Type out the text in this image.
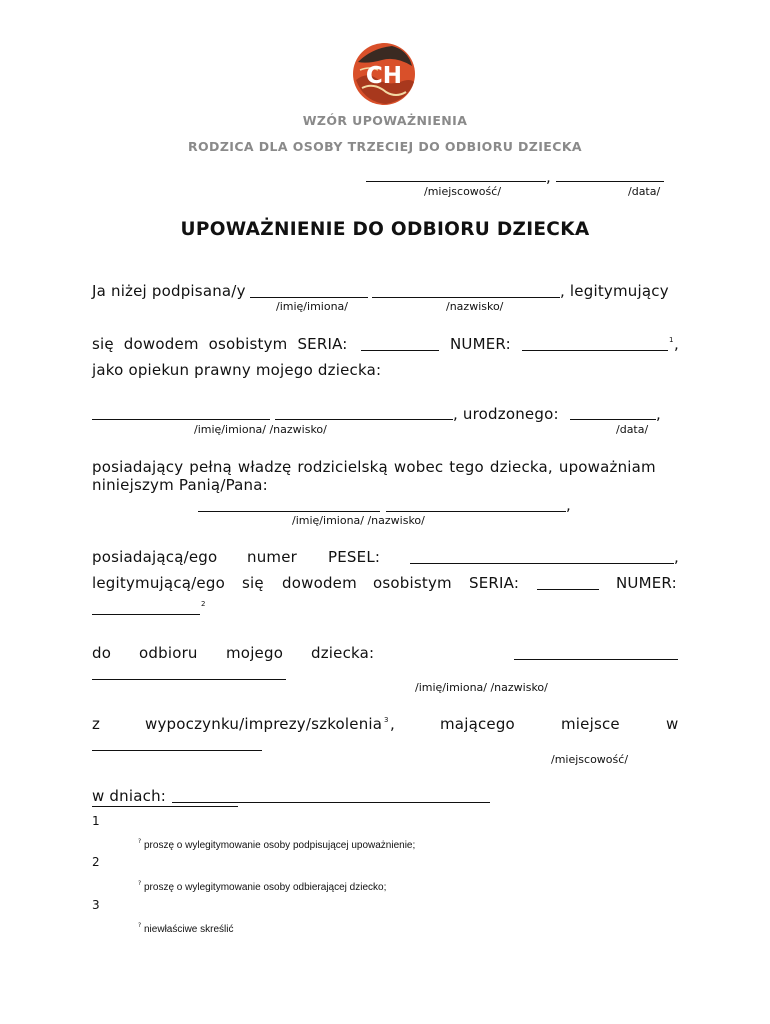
CH
WZÓR UPOWAŻNIENIA
RODZICA DLA OSOBY TRZECIEJ DO ODBIORU DZIECKA
,
/miejscowość/	/data/
UPOWAŻNIENIE DO ODBIORU DZIECKA
Ja niżej podpisana/y	, legitymujący
/imię/imiona/	/nazwisko/
się dowodem osobistym SERIA:	NUMER:	1 ,
jako opiekun prawny mojego dziecka:
, urodzonego:	,
/imię/imiona/ /nazwisko/	/data/
posiadający pełną władzę rodzicielską wobec tego dziecka, upoważniam
niniejszym Panią/Pana:
,
/imię/imiona/ /nazwisko/
posiadającą/ego numer PESEL:	,
legitymującą/ego się dowodem osobistym SERIA:	NUMER:
2
do odbioru mojego dziecka:
/imię/imiona/ /nazwisko/
z	wypoczynku/imprezy/szkolenia 3 ,	mającego	miejsce	w
/miejscowość/
w dniach:
1
? proszę o wylegitymowanie osoby podpisującej upoważnienie;
2
? proszę o wylegitymowanie osoby odbierającej dziecko;
3
? niewłaściwe skreślić
